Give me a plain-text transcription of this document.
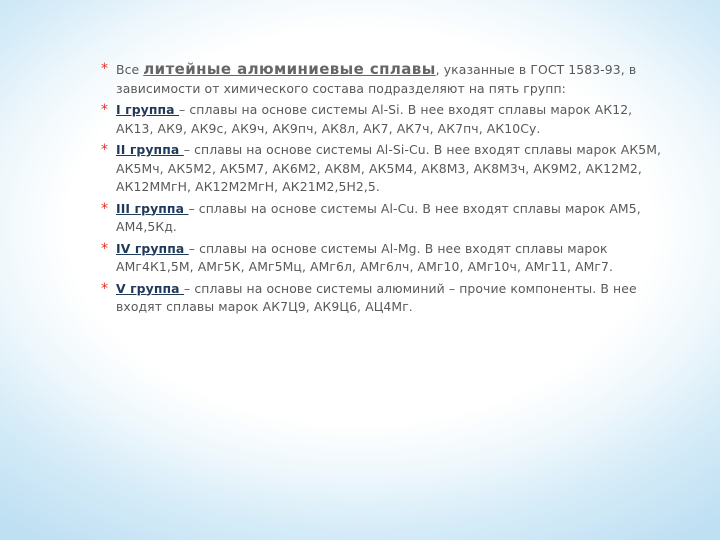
* Все литейные алюминиевые сплавы, указанные в ГОСТ 1583-93, в зависимости от химического состава подразделяют на пять групп:
* I группа – сплавы на основе системы Al-Si. В нее входят сплавы марок АК12, АК13, АК9, АК9с, АК9ч, АК9пч, АК8л, АК7, АК7ч, АК7пч, АК10Су.
* II группа – сплавы на основе системы Al-Si-Cu. В нее входят сплавы марок АК5М, АК5Мч, АК5М2, АК5М7, АК6М2, АК8М, АК5М4, АК8М3, АК8М3ч, АК9М2, АК12М2, АК12ММгН, АК12М2МгН, АК21М2,5Н2,5.
* III группа – сплавы на основе системы Al-Cu. В нее входят сплавы марок АМ5, АМ4,5Кд.
* IV группа – сплавы на основе системы Al-Mg. В нее входят сплавы марок АМг4К1,5М, АМг5К, АМг5Мц, АМг6л, АМг6лч, АМг10, АМг10ч, АМг11, АМг7.
* V группа – сплавы на основе системы алюминий – прочие компоненты. В нее входят сплавы марок АК7Ц9, АК9Ц6, АЦ4Мг.
